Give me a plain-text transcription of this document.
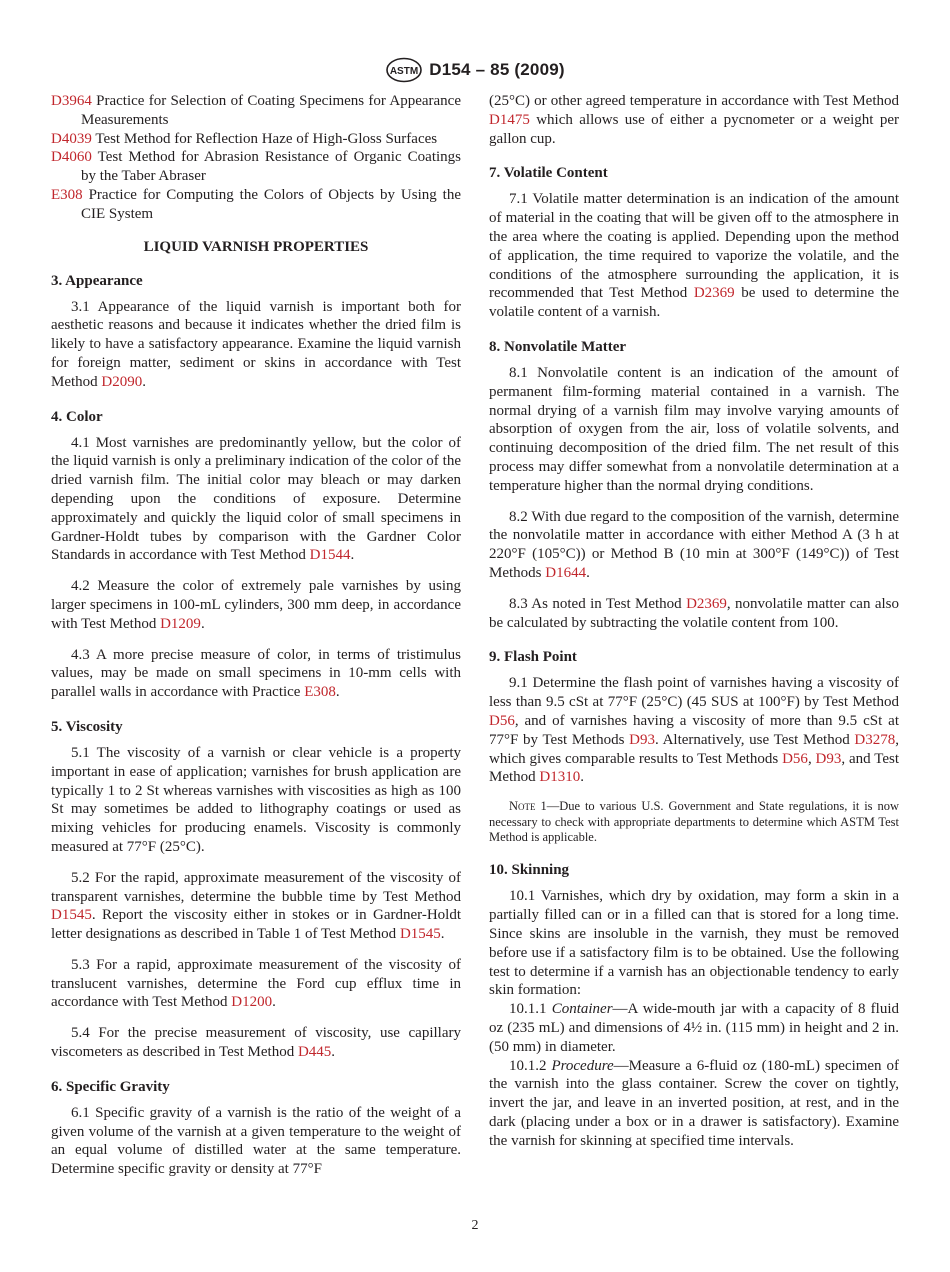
ASTM D154 – 85 (2009)
D3964 Practice for Selection of Coating Specimens for Appearance Measurements
D4039 Test Method for Reflection Haze of High-Gloss Surfaces
D4060 Test Method for Abrasion Resistance of Organic Coatings by the Taber Abraser
E308 Practice for Computing the Colors of Objects by Using the CIE System
LIQUID VARNISH PROPERTIES
3. Appearance

3.1 Appearance of the liquid varnish is important both for aesthetic reasons and because it indicates whether the dried film is likely to have a satisfactory appearance. Examine the liquid varnish for foreign matter, sediment or skins in accordance with Test Method D2090.

4. Color

4.1 Most varnishes are predominantly yellow, but the color of the liquid varnish is only a preliminary indication of the color of the dried varnish film. The initial color may bleach or may darken depending upon the conditions of exposure. Determine approximately and quickly the liquid color of small specimens in Gardner-Holdt tubes by comparison with the Gardner Color Standards in accordance with Test Method D1544.

4.2 Measure the color of extremely pale varnishes by using larger specimens in 100-mL cylinders, 300 mm deep, in accordance with Test Method D1209.

4.3 A more precise measure of color, in terms of tristimulus values, may be made on small specimens in 10-mm cells with parallel walls in accordance with Practice E308.

5. Viscosity

5.1 The viscosity of a varnish or clear vehicle is a property important in ease of application; varnishes for brush application are typically 1 to 2 St whereas varnishes with viscosities as high as 100 St may sometimes be added to lithography coatings or used as mixing vehicles for producing enamels. Viscosity is commonly measured at 77°F (25°C).

5.2 For the rapid, approximate measurement of the viscosity of transparent varnishes, determine the bubble time by Test Method D1545. Report the viscosity either in stokes or in Gardner-Holdt letter designations as described in Table 1 of Test Method D1545.

5.3 For a rapid, approximate measurement of the viscosity of translucent varnishes, determine the Ford cup efflux time in accordance with Test Method D1200.

5.4 For the precise measurement of viscosity, use capillary viscometers as described in Test Method D445.

6. Specific Gravity

6.1 Specific gravity of a varnish is the ratio of the weight of a given volume of the varnish at a given temperature to the weight of an equal volume of distilled water at the same temperature. Determine specific gravity or density at 77°F

(25°C) or other agreed temperature in accordance with Test Method D1475 which allows use of either a pycnometer or a weight per gallon cup.

7. Volatile Content

7.1 Volatile matter determination is an indication of the amount of material in the coating that will be given off to the atmosphere in the area where the coating is applied. Depending upon the method of application, the time required to vaporize the volatile, and the conditions of the atmosphere surrounding the application, it is recommended that Test Method D2369 be used to determine the volatile content of a varnish.

8. Nonvolatile Matter

8.1 Nonvolatile content is an indication of the amount of permanent film-forming material contained in a varnish. The normal drying of a varnish film may involve varying amounts of absorption of oxygen from the air, loss of volatile solvents, and continuing decomposition of the dried film. The net result of this process may differ somewhat from a nonvolatile determination at a temperature higher than the normal drying conditions.

8.2 With due regard to the composition of the varnish, determine the nonvolatile matter in accordance with either Method A (3 h at 220°F (105°C)) or Method B (10 min at 300°F (149°C)) of Test Methods D1644.

8.3 As noted in Test Method D2369, nonvolatile matter can also be calculated by subtracting the volatile content from 100.

9. Flash Point

9.1 Determine the flash point of varnishes having a viscosity of less than 9.5 cSt at 77°F (25°C) (45 SUS at 100°F) by Test Method D56, and of varnishes having a viscosity of more than 9.5 cSt at 77°F by Test Methods D93. Alternatively, use Test Method D3278, which gives comparable results to Test Methods D56, D93, and Test Method D1310.

Note 1—Due to various U.S. Government and State regulations, it is now necessary to check with appropriate departments to determine which ASTM Test Method is applicable.
10. Skinning

10.1 Varnishes, which dry by oxidation, may form a skin in a partially filled can or in a filled can that is stored for a long time. Since skins are insoluble in the varnish, they must be removed before use if a satisfactory film is to be obtained. Use the following test to determine if a varnish has an objectionable tendency to early skin formation:

10.1.1 Container—A wide-mouth jar with a capacity of 8 fluid oz (235 mL) and dimensions of 4½ in. (115 mm) in height and 2 in. (50 mm) in diameter.

10.1.2 Procedure—Measure a 6-fluid oz (180-mL) specimen of the varnish into the glass container. Screw the cover on tightly, invert the jar, and leave in an inverted position, at rest, and in the dark (placing under a box or in a drawer is satisfactory). Examine the varnish for skinning at specified time intervals.

2
